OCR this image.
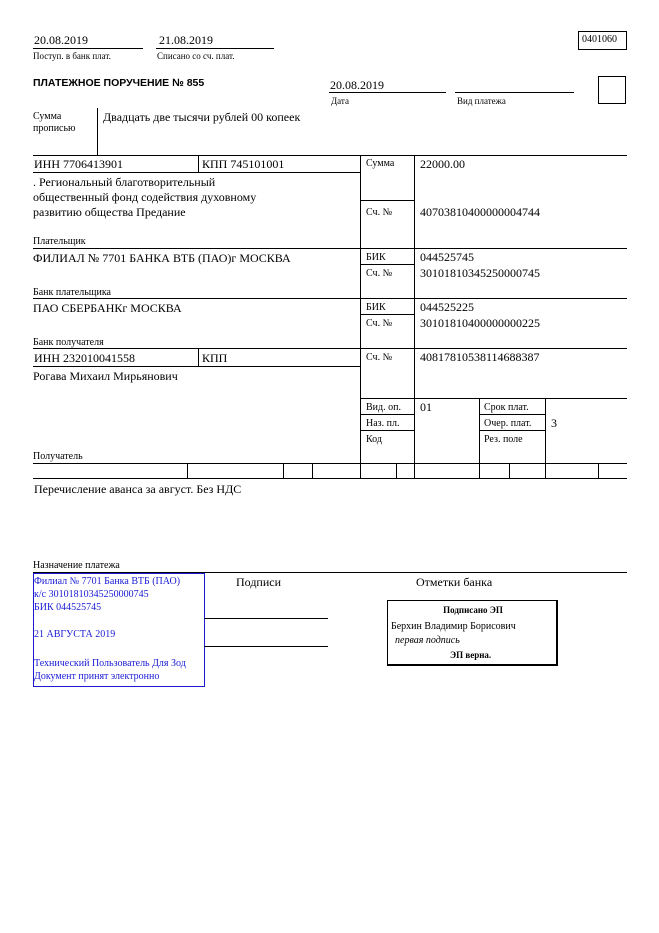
20.08.2019
Поступ. в банк плат.
21.08.2019
Списано со сч. плат.
0401060
ПЛАТЕЖНОЕ ПОРУЧЕНИЕ № 855	20.08.2019
Дата	Вид платежа
Сумма
прописью
Двадцать две тысячи рублей 00 копеек
ИНН 7706413901	КПП 745101001
. Региональный благотворительный
общественный фонд содействия духовному
развитию общества Предание
Плательщик
Сумма 22000.00
Сч. № 40703810400000004744
ФИЛИАЛ № 7701 БАНКА ВТБ (ПАО)г МОСКВА
Банк плательщика
БИК	044525745
Сч. № 30101810345250000745
ПАО СБЕРБАНКг МОСКВА
Банк получателя
БИК	044525225
Сч. № 30101810400000000225
ИНН 232010041558	КПП
Рогава Михаил Мирьянович
Получатель
Сч. № 40817810538114688387
Вид. оп. 01
Наз. пл.
Код
Срок плат.
Очер. плат. 3
Рез. поле
Перечисление аванса за август. Без НДС
Назначение платежа
Филиал № 7701 Банка ВТБ (ПАО)
к/с 30101810345250000745
БИК 044525745
21 АВГУСТА 2019
Технический Пользователь Для Зод
Документ принят электронно
Подписи	Отметки банка
Подписано ЭП
Берхин Владимир Борисович
первая подпись
ЭП верна.
